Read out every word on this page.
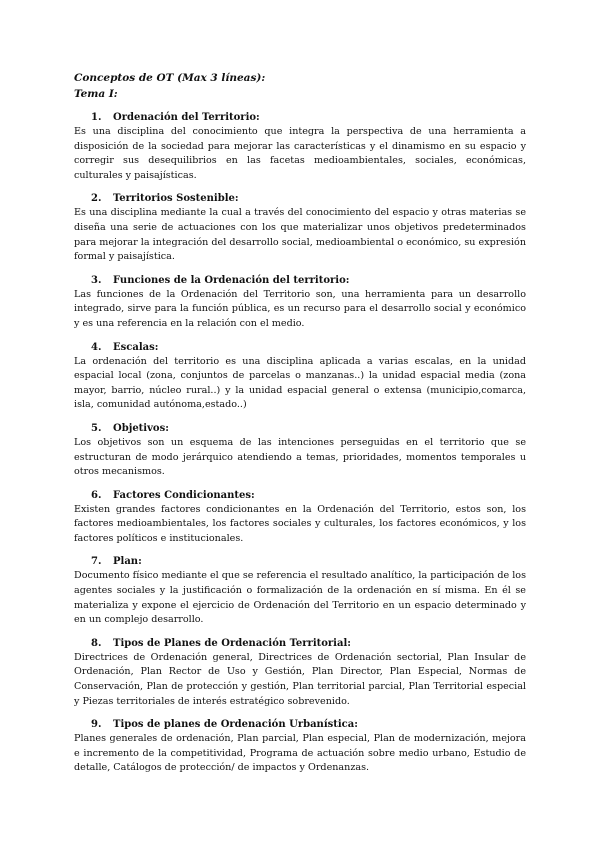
Conceptos de OT (Max 3 líneas):

Tema I:

1. Ordenación del Territorio:

Es una disciplina del conocimiento que integra la perspectiva de una herramienta a disposición de la sociedad para mejorar las características y el dinamismo en su espacio y corregir sus desequilibrios en las facetas medioambientales, sociales, económicas, culturales y paisajísticas.

2. Territorios Sostenible:

Es una disciplina mediante la cual a través del conocimiento del espacio y otras materias se diseña una serie de actuaciones con los que materializar unos objetivos predeterminados para mejorar la integración del desarrollo social, medioambiental o económico, su expresión formal y paisajística.

3. Funciones de la Ordenación del territorio:

Las funciones de la Ordenación del Territorio son, una herramienta para un desarrollo integrado, sirve para la función pública, es un recurso para el desarrollo social y económico y es una referencia en la relación con el medio.

4. Escalas:

La ordenación del territorio es una disciplina aplicada a varias escalas, en la unidad espacial local (zona, conjuntos de parcelas o manzanas..) la unidad espacial media (zona mayor, barrio, núcleo rural..) y la unidad espacial general o extensa (municipio,comarca, isla, comunidad autónoma,estado..)

5. Objetivos:

Los objetivos son un esquema de las intenciones perseguidas en el territorio que se estructuran de modo jerárquico atendiendo a temas, prioridades, momentos temporales u otros mecanismos.

6. Factores Condicionantes:

Existen grandes factores condicionantes en la Ordenación del Territorio, estos son, los factores medioambientales, los factores sociales y culturales, los factores económicos, y los factores políticos e institucionales.

7. Plan:

Documento físico mediante el que se referencia el resultado analítico, la participación de los agentes sociales y la justificación o formalización de la ordenación en sí misma. En él se materializa y expone el ejercicio de Ordenación del Territorio en un espacio determinado y en un complejo desarrollo.

8. Tipos de Planes de Ordenación Territorial:

Directrices de Ordenación general, Directrices de Ordenación sectorial, Plan Insular de Ordenación, Plan Rector de Uso y Gestión, Plan Director, Plan Especial, Normas de Conservación, Plan de protección y gestión, Plan territorial parcial, Plan Territorial especial y Piezas territoriales de interés estratégico sobrevenido.

9. Tipos de planes de Ordenación Urbanística:

Planes generales de ordenación, Plan parcial, Plan especial, Plan de modernización, mejora e incremento de la competitividad, Programa de actuación sobre medio urbano, Estudio de detalle, Catálogos de protección/ de impactos y Ordenanzas.
